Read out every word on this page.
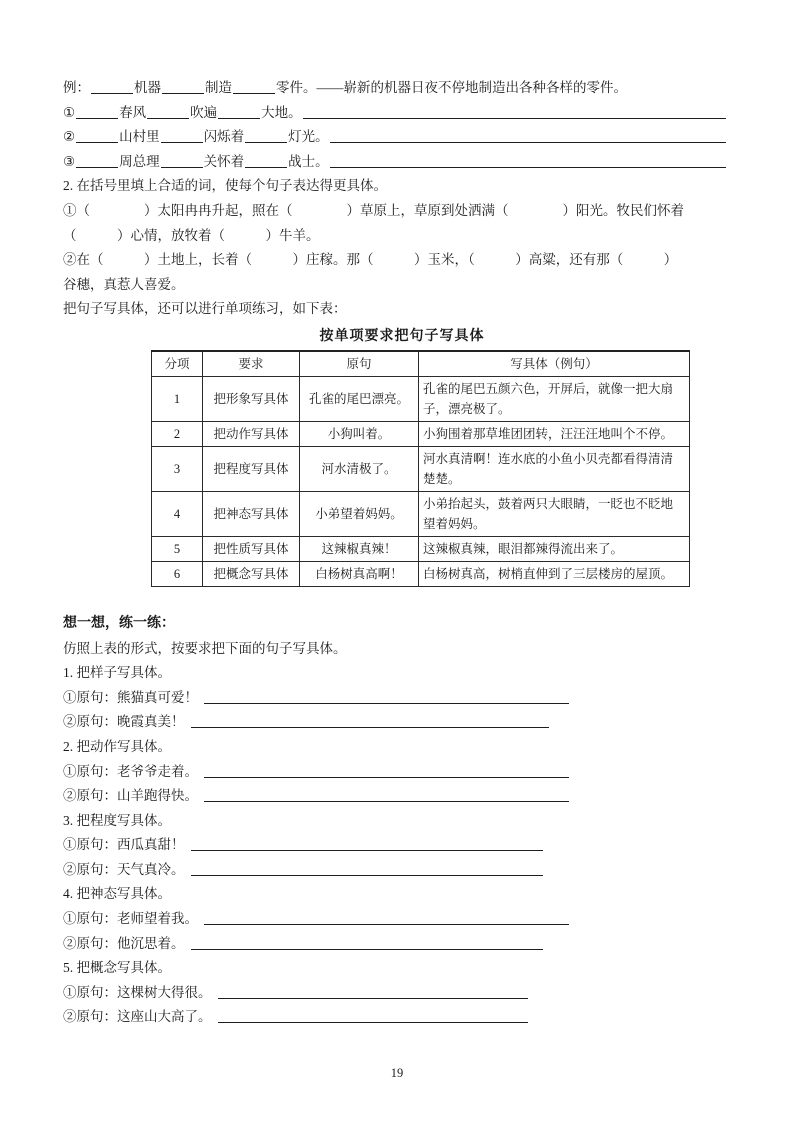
例：	机器	制造	零件。——崭新的机器日夜不停地制造出各种各样的零件。
①	春风	吹遍	大地。
②	山村里	闪烁着	灯光。
③	周总理	关怀着	战士。
2. 在括号里填上合适的词，使每个句子表达得更具体。
①（　　　　）太阳冉冉升起，照在（　　　　）草原上，草原到处洒满（　　　　）阳光。牧民们怀着
（　　　）心情，放牧着（　　　）牛羊。
②在（　　　）土地上，长着（　　　）庄稼。那（　　　）玉米，（　　　）高粱，还有那（　　　）
谷穗，真惹人喜爱。
把句子写具体，还可以进行单项练习，如下表：
按单项要求把句子写具体
分项	要求	原句	写具体（例句）
1	把形象写具体	孔雀的尾巴漂亮。	孔雀的尾巴五颜六色，开屏后，就像一把大扇子，漂亮极了。
2	把动作写具体	小狗叫着。	小狗围着那草堆团团转，汪汪汪地叫个不停。
3	把程度写具体	河水清极了。	河水真清啊！连水底的小鱼小贝壳都看得清清楚楚。
4	把神态写具体	小弟望着妈妈。	小弟抬起头，鼓着两只大眼睛，一眨也不眨地望着妈妈。
5	把性质写具体	这辣椒真辣！	这辣椒真辣，眼泪都辣得流出来了。
6	把概念写具体	白杨树真高啊！	白杨树真高，树梢直伸到了三层楼房的屋顶。
想一想，练一练：
仿照上表的形式，按要求把下面的句子写具体。
1. 把样子写具体。
①原句：熊猫真可爱！
②原句：晚霞真美！
2. 把动作写具体。
①原句：老爷爷走着。
②原句：山羊跑得快。
3. 把程度写具体。
①原句：西瓜真甜！
②原句：天气真冷。
4. 把神态写具体。
①原句：老师望着我。
②原句：他沉思着。
5. 把概念写具体。
①原句：这棵树大得很。
②原句：这座山大高了。
19
